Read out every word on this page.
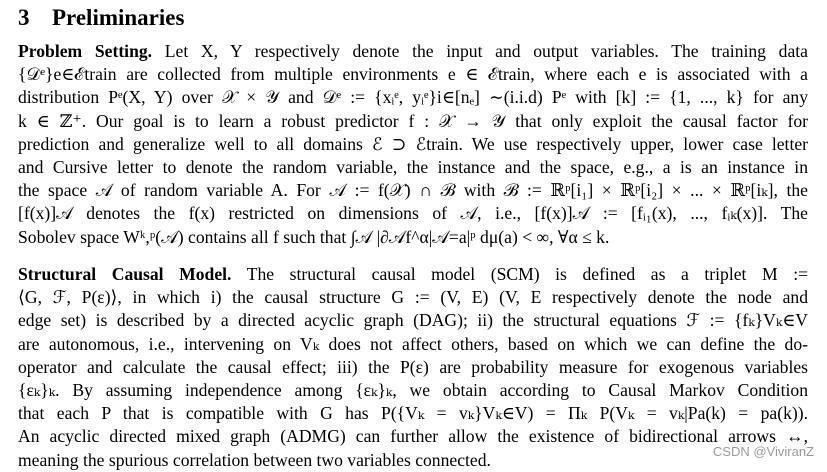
3 Preliminaries
Problem Setting. Let X, Y respectively denote the input and output variables. The training data
{𝒟ᵉ}e∈ℰtrain are collected from multiple environments e ∈ ℰtrain, where each e is associated with a
distribution Pᵉ(X, Y) over 𝒳 × 𝒴 and 𝒟ᵉ := {xᵢᵉ, yᵢᵉ}i∈[nₑ] ∼(i.i.d) Pᵉ with [k] := {1, ..., k} for any
k ∈ ℤ⁺. Our goal is to learn a robust predictor f : 𝒳 → 𝒴 that only exploit the causal factor for
prediction and generalize well to all domains ℰ ⊃ ℰtrain. We use respectively upper, lower case letter
and Cursive letter to denote the random variable, the instance and the space, e.g., a is an instance in
the space 𝒜 of random variable A. For 𝒜 := f(𝒳) ∩ ℬ with ℬ := ℝᵖ[i₁] × ℝᵖ[i₂] × ... × ℝᵖ[iₖ], the
[f(x)]𝒜 denotes the f(x) restricted on dimensions of 𝒜, i.e., [f(x)]𝒜 := [fᵢ₁(x), ..., fᵢₖ(x)]. The
Sobolev space Wᵏ,ᵖ(𝒜) contains all f such that ∫𝒜 |∂𝒜f^α|𝒜=a|ᵖ dμ(a) < ∞, ∀α ≤ k.
Structural Causal Model. The structural causal model (SCM) is defined as a triplet M :=
⟨G, ℱ, P(ε)⟩, in which i) the causal structure G := (V, E) (V, E respectively denote the node and
edge set) is described by a directed acyclic graph (DAG); ii) the structural equations ℱ := {fₖ}Vₖ∈V
are autonomous, i.e., intervening on Vₖ does not affect others, based on which we can define the do-
operator and calculate the causal effect; iii) the P(ε) are probability measure for exogenous variables
{εₖ}ₖ. By assuming independence among {εₖ}ₖ, we obtain according to Causal Markov Condition
that each P that is compatible with G has P({Vₖ = vₖ}Vₖ∈V) = Πₖ P(Vₖ = vₖ|Pa(k) = pa(k)).
An acyclic directed mixed graph (ADMG) can further allow the existence of bidirectional arrows ↔,
meaning the spurious correlation between two variables connected.	CSDN @ViviranZ
